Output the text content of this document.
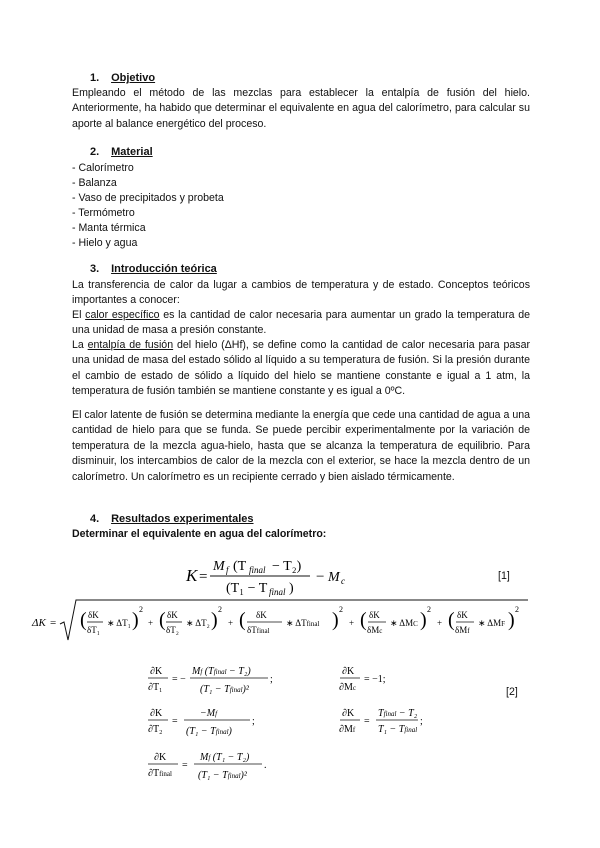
1. Objetivo
Empleando el método de las mezclas para establecer la entalpía de fusión del hielo. Anteriormente, ha habido que determinar el equivalente en agua del calorímetro, para calcular su aporte al balance energético del proceso.
2. Material
- Calorímetro
- Balanza
- Vaso de precipitados y probeta
- Termómetro
- Manta térmica
- Hielo y agua
3. Introducción teórica
La transferencia de calor da lugar a cambios de temperatura y de estado. Conceptos teóricos importantes a conocer:
El calor específico es la cantidad de calor necesaria para aumentar un grado la temperatura de una unidad de masa a presión constante.
La entalpía de fusión del hielo (ΔHf), se define como la cantidad de calor necesaria para pasar una unidad de masa del estado sólido al líquido a su temperatura de fusión. Si la presión durante el cambio de estado de sólido a líquido del hielo se mantiene constante e igual a 1 atm, la temperatura de fusión también se mantiene constante y es igual a 0ºC.
El calor latente de fusión se determina mediante la energía que cede una cantidad de agua a una cantidad de hielo para que se funda. Se puede percibir experimentalmente por la variación de temperatura de la mezcla agua-hielo, hasta que se alcanza la temperatura de equilibrio. Para disminuir, los intercambios de calor de la mezcla con el exterior, se hace la mezcla dentro de un calorímetro. Un calorímetro es un recipiente cerrado y bien aislado térmicamente.
4. Resultados experimentales
Determinar el equivalente en agua del calorímetro:
K =
M f (T final − T₂)
(T₁ − T final )
− M c	[1]
ΔK = ( δK
δT₁
∗ ΔT₁ ) 2
+ ( δK
δT₂
∗ ΔT₂ ) 2
+ ( δK
δTfinal
∗ ΔTfinal ) 2
+ ( δK
δMc
∗ ΔMC ) 2
+ ( δK
δMf
∗ ΔMF ) 2
∂K
∂T₁
= −
Mf (Tfinal − T₂)
(T₁ − Tfinal)²
;
∂K
∂Mc
= −1;
∂K
∂T₂
=
−Mf
(T₁ − Tfinal)
;
∂K
∂Mf
=
Tfinal − T₂
T₁ − Tfinal
;
∂K
∂Tfinal
=
Mf (T₁ − T₂)
(T₁ − Tfinal)²
.
[2]
